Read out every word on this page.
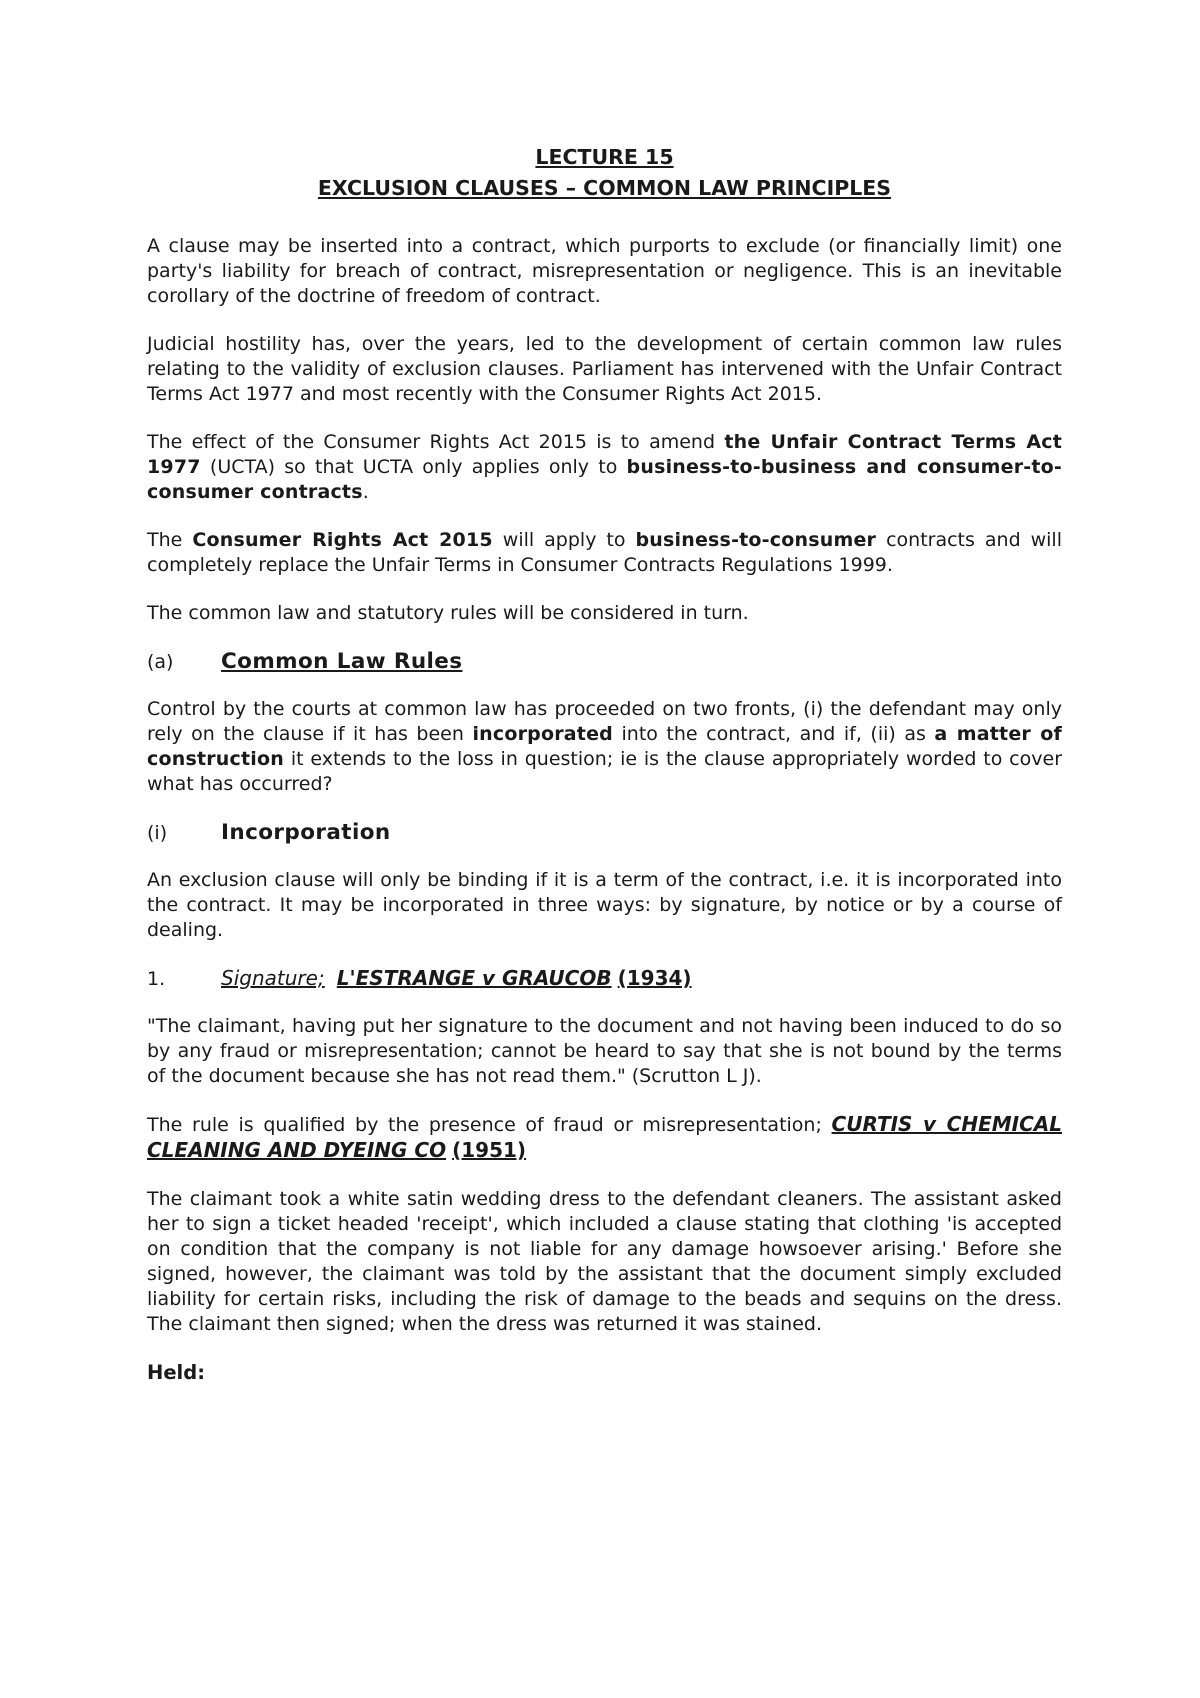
LECTURE 15

EXCLUSION CLAUSES – COMMON LAW PRINCIPLES

A clause may be inserted into a contract, which purports to exclude (or financially limit) one party's liability for breach of contract, misrepresentation or negligence. This is an inevitable corollary of the doctrine of freedom of contract.

Judicial hostility has, over the years, led to the development of certain common law rules relating to the validity of exclusion clauses. Parliament has intervened with the Unfair Contract Terms Act 1977 and most recently with the Consumer Rights Act 2015.

The effect of the Consumer Rights Act 2015 is to amend the Unfair Contract Terms Act 1977 (UCTA) so that UCTA only applies only to business-to-business and consumer-to-consumer contracts.

The Consumer Rights Act 2015 will apply to business-to-consumer contracts and will completely replace the Unfair Terms in Consumer Contracts Regulations 1999.

The common law and statutory rules will be considered in turn.

(a)	Common Law Rules

Control by the courts at common law has proceeded on two fronts, (i) the defendant may only rely on the clause if it has been incorporated into the contract, and if, (ii) as a matter of construction it extends to the loss in question; ie is the clause appropriately worded to cover what has occurred?

(i)	Incorporation

An exclusion clause will only be binding if it is a term of the contract, i.e. it is incorporated into the contract. It may be incorporated in three ways: by signature, by notice or by a course of dealing.

1.	Signature; L'ESTRANGE v GRAUCOB (1934)

"The claimant, having put her signature to the document and not having been induced to do so by any fraud or misrepresentation; cannot be heard to say that she is not bound by the terms of the document because she has not read them." (Scrutton L J).

The rule is qualified by the presence of fraud or misrepresentation; CURTIS v CHEMICAL CLEANING AND DYEING CO (1951)

The claimant took a white satin wedding dress to the defendant cleaners. The assistant asked her to sign a ticket headed 'receipt', which included a clause stating that clothing 'is accepted on condition that the company is not liable for any damage howsoever arising.' Before she signed, however, the claimant was told by the assistant that the document simply excluded liability for certain risks, including the risk of damage to the beads and sequins on the dress. The claimant then signed; when the dress was returned it was stained.

Held:
